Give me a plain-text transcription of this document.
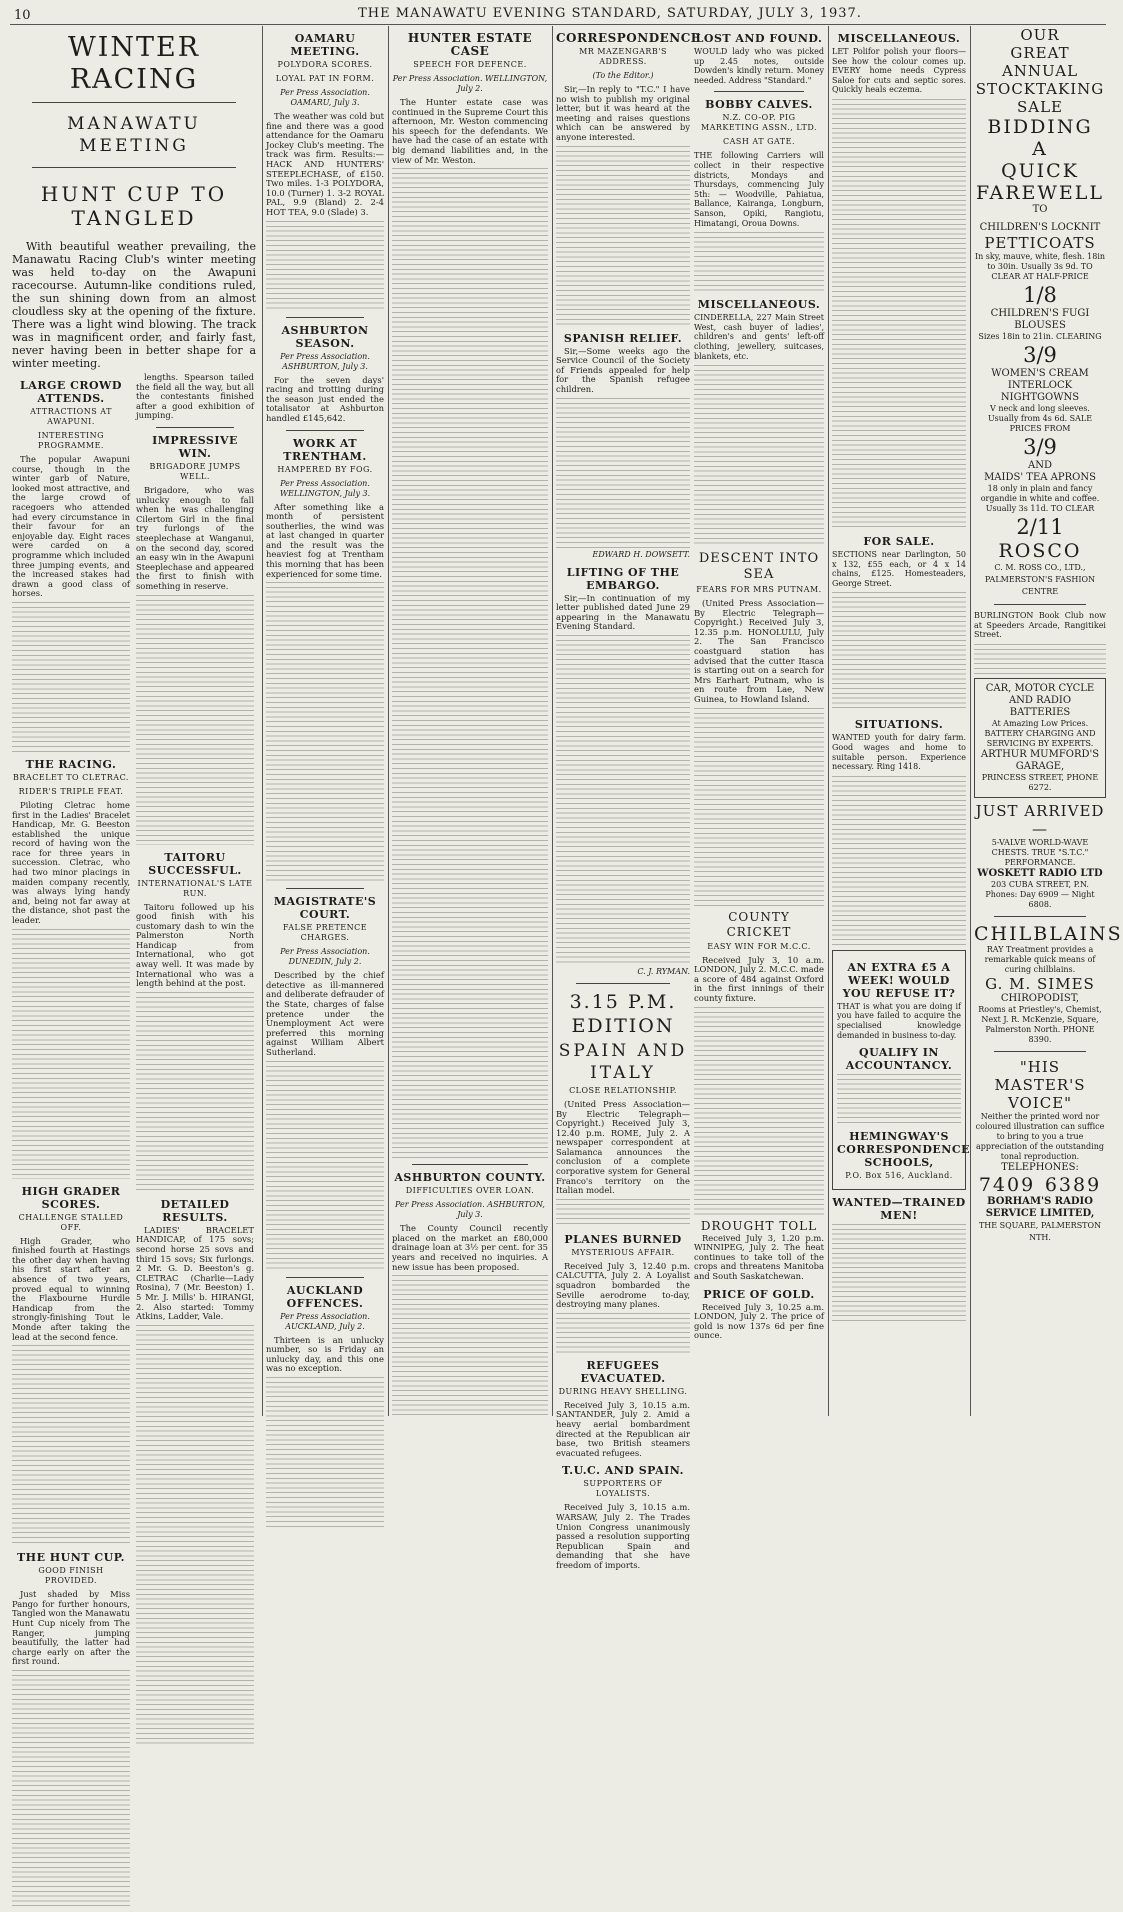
10	THE MANAWATU EVENING STANDARD, SATURDAY, JULY 3, 1937.
WINTER RACING
MANAWATU MEETING
HUNT CUP TO TANGLED

With beautiful weather prevailing, the Manawatu Racing Club's winter meeting was held to-day on the Awapuni racecourse. Autumn-like conditions ruled, the sun shining down from an almost cloudless sky at the opening of the fixture. There was a light wind blowing. The track was in magnificent order, and fairly fast, never having been in better shape for a winter meeting.

LARGE CROWD ATTENDS.
ATTRACTIONS AT AWAPUNI.
INTERESTING PROGRAMME.

The popular Awapuni course, though in the winter garb of Nature, looked most attractive, and the large crowd of racegoers who attended had every circumstance in their favour for an enjoyable day. Eight races were carded on a programme which included three jumping events, and the increased stakes had drawn a good class of horses.

THE RACING.
BRACELET TO CLETRAC.
RIDER'S TRIPLE FEAT.

Piloting Cletrac home first in the Ladies' Bracelet Handicap, Mr. G. Beeston established the unique record of having won the race for three years in succession. Cletrac, who had two minor placings in maiden company recently, was always lying handy and, being not far away at the distance, shot past the leader.

HIGH GRADER SCORES.
CHALLENGE STALLED OFF.

High Grader, who finished fourth at Hastings the other day when having his first start after an absence of two years, proved equal to winning the Flaxbourne Hurdle Handicap from the strongly-finishing Tout le Monde after taking the lead at the second fence.

THE HUNT CUP.
GOOD FINISH PROVIDED.

Just shaded by Miss Pango for further honours, Tangled won the Manawatu Hunt Cup nicely from The Ranger, jumping beautifully, the latter had charge early on after the first round.

lengths. Spearson tailed the field all the way, but all the contestants finished after a good exhibition of jumping.

IMPRESSIVE WIN.
BRIGADORE JUMPS WELL.

Brigadore, who was unlucky enough to fall when he was challenging Cilertom Girl in the final try furlongs of the steeplechase at Wanganui, on the second day, scored an easy win in the Awapuni Steeplechase and appeared the first to finish with something in reserve.

TAITORU SUCCESSFUL.
INTERNATIONAL'S LATE RUN.

Taitoru followed up his good finish with his customary dash to win the Palmerston North Handicap from International, who got away well. It was made by International who was a length behind at the post.

DETAILED RESULTS.

LADIES' BRACELET HANDICAP, of 175 sovs; second horse 25 sovs and third 15 sovs; Six furlongs. 2 Mr. G. D. Beeston's g. CLETRAC (Charlie—Lady Rosina), 7 (Mr. Beeston) 1. 5 Mr. J. Mills' b. HIRANGI, 2. Also started: Tommy Atkins, Ladder, Vale.

OAMARU MEETING.
POLYDORA SCORES.
LOYAL PAT IN FORM.
Per Press Association. OAMARU, July 3.

The weather was cold but fine and there was a good attendance for the Oamaru Jockey Club's meeting. The track was firm. Results:— HACK AND HUNTERS' STEEPLECHASE, of £150. Two miles. 1-3 POLYDORA, 10.0 (Turner) 1. 3-2 ROYAL PAL, 9.9 (Bland) 2. 2-4 HOT TEA, 9.0 (Slade) 3.

ASHBURTON SEASON.
Per Press Association. ASHBURTON, July 3.

For the seven days' racing and trotting during the season just ended the totalisator at Ashburton handled £145,642.

WORK AT TRENTHAM.
HAMPERED BY FOG.
Per Press Association. WELLINGTON, July 3.

After something like a month of persistent southerlies, the wind was at last changed in quarter and the result was the heaviest fog at Trentham this morning that has been experienced for some time.

MAGISTRATE'S COURT.
FALSE PRETENCE CHARGES.
Per Press Association. DUNEDIN, July 2.

Described by the chief detective as ill-mannered and deliberate defrauder of the State, charges of false pretence under the Unemployment Act were preferred this morning against William Albert Sutherland.

AUCKLAND OFFENCES.
Per Press Association. AUCKLAND, July 2.

Thirteen is an unlucky number, so is Friday an unlucky day, and this one was no exception.

HUNTER ESTATE CASE
SPEECH FOR DEFENCE.
Per Press Association. WELLINGTON, July 2.

The Hunter estate case was continued in the Supreme Court this afternoon, Mr. Weston commencing his speech for the defendants. We have had the case of an estate with big demand liabilities and, in the view of Mr. Weston.

ASHBURTON COUNTY.
DIFFICULTIES OVER LOAN.
Per Press Association. ASHBURTON, July 3.

The County Council recently placed on the market an £80,000 drainage loan at 3½ per cent. for 35 years and received no inquiries. A new issue has been proposed.

CORRESPONDENCE
MR MAZENGARB'S ADDRESS.
(To the Editor.)

Sir,—In reply to "T.C." I have no wish to publish my original letter, but it was heard at the meeting and raises questions which can be answered by anyone interested.

SPANISH RELIEF.

Sir,—Some weeks ago the Service Council of the Society of Friends appealed for help for the Spanish refugee children.

EDWARD H. DOWSETT.
LIFTING OF THE EMBARGO.

Sir,—In continuation of my letter published dated June 29 appearing in the Manawatu Evening Standard.

C. J. RYMAN.
3.15 P.M. EDITION
SPAIN AND ITALY
CLOSE RELATIONSHIP.

(United Press Association—By Electric Telegraph—Copyright.) Received July 3, 12.40 p.m. ROME, July 2. A newspaper correspondent at Salamanca announces the conclusion of a complete corporative system for General Franco's territory on the Italian model.

PLANES BURNED
MYSTERIOUS AFFAIR.

Received July 3, 12.40 p.m. CALCUTTA, July 2. A Loyalist squadron bombarded the Seville aerodrome to-day, destroying many planes.

REFUGEES EVACUATED.
DURING HEAVY SHELLING.

Received July 3, 10.15 a.m. SANTANDER, July 2. Amid a heavy aerial bombardment directed at the Republican air base, two British steamers evacuated refugees.

T.U.C. AND SPAIN.
SUPPORTERS OF LOYALISTS.

Received July 3, 10.15 a.m. WARSAW, July 2. The Trades Union Congress unanimously passed a resolution supporting Republican Spain and demanding that she have freedom of imports.

LOST AND FOUND.

WOULD lady who was picked up 2.45 notes, outside Dowden's kindly return. Money needed. Address "Standard."

BOBBY CALVES.
N.Z. CO-OP. PIG MARKETING ASSN., LTD.
CASH AT GATE.

THE following Carriers will collect in their respective districts, Mondays and Thursdays, commencing July 5th: — Woodville, Pahiatua, Ballance, Kairanga, Longburn, Sanson, Opiki, Rangiotu, Himatangi, Oroua Downs.

MISCELLANEOUS.

CINDERELLA, 227 Main Street West, cash buyer of ladies', children's and gents' left-off clothing, jewellery, suitcases, blankets, etc.

DESCENT INTO SEA
FEARS FOR MRS PUTNAM.

(United Press Association—By Electric Telegraph—Copyright.) Received July 3, 12.35 p.m. HONOLULU, July 2. The San Francisco coastguard station has advised that the cutter Itasca is starting out on a search for Mrs Earhart Putnam, who is en route from Lae, New Guinea, to Howland Island.

COUNTY CRICKET
EASY WIN FOR M.C.C.

Received July 3, 10 a.m. LONDON, July 2. M.C.C. made a score of 484 against Oxford in the first innings of their county fixture.

DROUGHT TOLL

Received July 3, 1.20 p.m. WINNIPEG, July 2. The heat continues to take toll of the crops and threatens Manitoba and South Saskatchewan.

PRICE OF GOLD.

Received July 3, 10.25 a.m. LONDON, July 2. The price of gold is now 137s 6d per fine ounce.

MISCELLANEOUS.

LET Polifor polish your floors—See how the colour comes up. EVERY home needs Cypress Saloe for cuts and septic sores. Quickly heals eczema.

FOR SALE.

SECTIONS near Darlington, 50 x 132, £55 each, or 4 x 14 chains, £125. Homesteaders, George Street.

SITUATIONS.

WANTED youth for dairy farm. Good wages and home to suitable person. Experience necessary. Ring 1418.

AN EXTRA £5 A WEEK! WOULD YOU REFUSE IT?

THAT is what you are doing if you have failed to acquire the specialised knowledge demanded in business to-day.

QUALIFY IN ACCOUNTANCY.
HEMINGWAY'S CORRESPONDENCE SCHOOLS,
P.O. Box 516, Auckland.
WANTED—TRAINED MEN!
OUR
GREAT ANNUAL
STOCKTAKING
SALE
BIDDING
A
QUICK
FAREWELL
TO
CHILDREN'S LOCKNIT
PETTICOATS
In sky, mauve, white, flesh. 18in to 30in. Usually 3s 9d. TO CLEAR AT HALF-PRICE
1/8
CHILDREN'S FUGI BLOUSES
Sizes 18in to 21in. CLEARING
3/9
WOMEN'S CREAM INTERLOCK NIGHTGOWNS
V neck and long sleeves. Usually from 4s 6d. SALE PRICES FROM
3/9
AND
MAIDS' TEA APRONS
18 only in plain and fancy organdie in white and coffee. Usually 3s 11d. TO CLEAR
2/11
ROSCO
C. M. ROSS CO., LTD.,
PALMERSTON'S FASHION CENTRE

BURLINGTON Book Club now at Speeders Arcade, Rangitikei Street.

CAR, MOTOR CYCLE AND RADIO BATTERIES
At Amazing Low Prices. BATTERY CHARGING AND SERVICING BY EXPERTS.
ARTHUR MUMFORD'S GARAGE,
PRINCESS STREET, PHONE 6272.
JUST ARRIVED—
5-VALVE WORLD-WAVE CHESTS. TRUE "S.T.C." PERFORMANCE.
WOSKETT RADIO LTD
203 CUBA STREET, P.N. Phones: Day 6909 — Night 6808.
CHILBLAINS
RAY Treatment provides a remarkable quick means of curing chilblains.
G. M. SIMES
CHIROPODIST,
Rooms at Priestley's, Chemist, Next J. R. McKenzie, Square, Palmerston North. PHONE 8390.
"HIS MASTER'S VOICE"
Neither the printed word nor coloured illustration can suffice to bring to you a true appreciation of the outstanding tonal reproduction.
TELEPHONES:
7409 6389
BORHAM'S RADIO SERVICE LIMITED,
THE SQUARE, PALMERSTON NTH.
